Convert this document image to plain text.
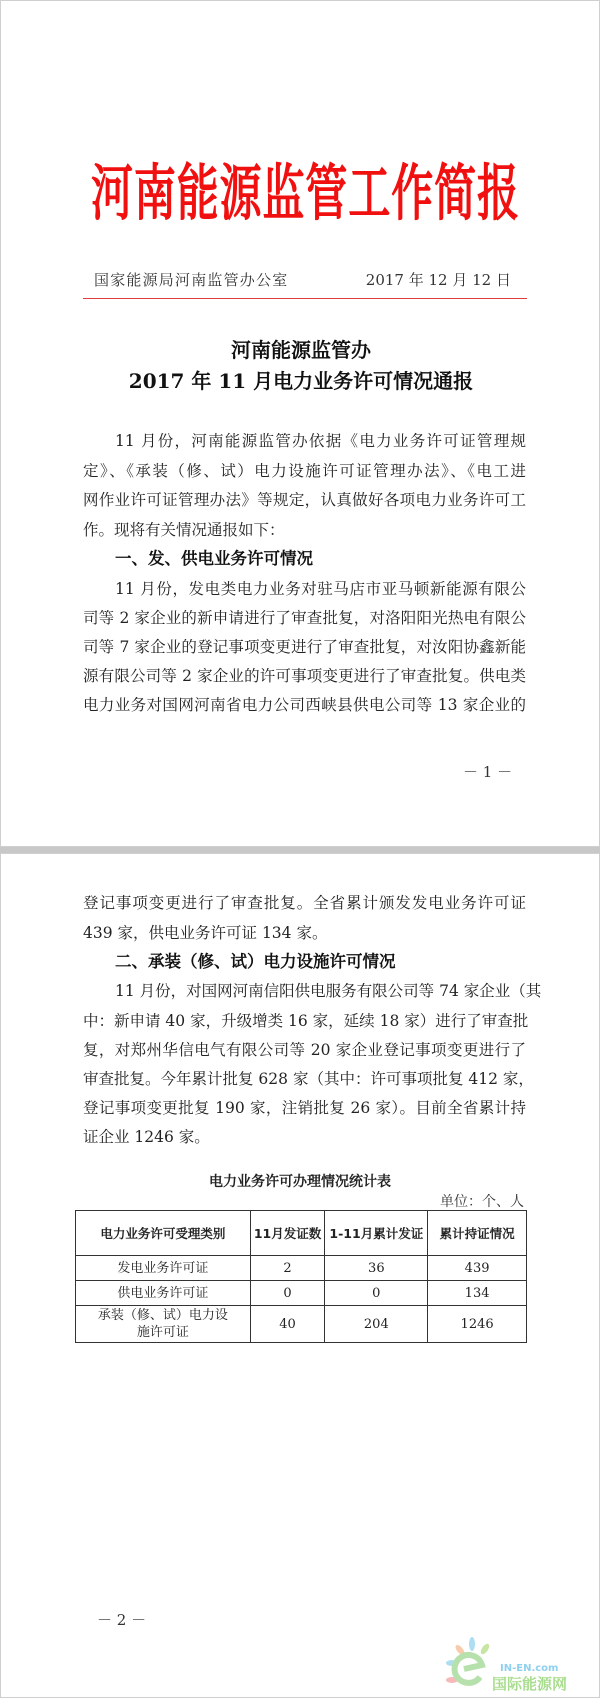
河南能源监管工作简报
国家能源局河南监管办公室	2017 年 12 月 12 日
河南能源监管办
2017 年 11 月电力业务许可情况通报
11 月份，河南能源监管办依据《电力业务许可证管理规
定》、《承装（修、试）电力设施许可证管理办法》、《电工进
网作业许可证管理办法》等规定，认真做好各项电力业务许可工
作。现将有关情况通报如下：
一、发、供电业务许可情况
11 月份，发电类电力业务对驻马店市亚马顿新能源有限公
司等 2 家企业的新申请进行了审查批复，对洛阳阳光热电有限公
司等 7 家企业的登记事项变更进行了审查批复，对汝阳协鑫新能
源有限公司等 2 家企业的许可事项变更进行了审查批复。供电类
电力业务对国网河南省电力公司西峡县供电公司等 13 家企业的
－ 1 －
登记事项变更进行了审查批复。全省累计颁发发电业务许可证
439 家，供电业务许可证 134 家。
二、承装（修、试）电力设施许可情况
11 月份，对国网河南信阳供电服务有限公司等 74 家企业（其
中：新申请 40 家，升级增类 16 家，延续 18 家）进行了审查批
复，对郑州华信电气有限公司等 20 家企业登记事项变更进行了
审查批复。今年累计批复 628 家（其中：许可事项批复 412 家，
登记事项变更批复 190 家，注销批复 26 家）。目前全省累计持
证企业 1246 家。
－ 2 －
电力业务许可办理情况统计表
单位：个、人
电力业务许可受理类别	11月发证数	1-11月累计发证	累计持证情况
发电业务许可证	2	36	439
供电业务许可证	0	0	134
承装（修、试）电力设施许可证	40	204	1246
IN-EN.com
国际能源网
